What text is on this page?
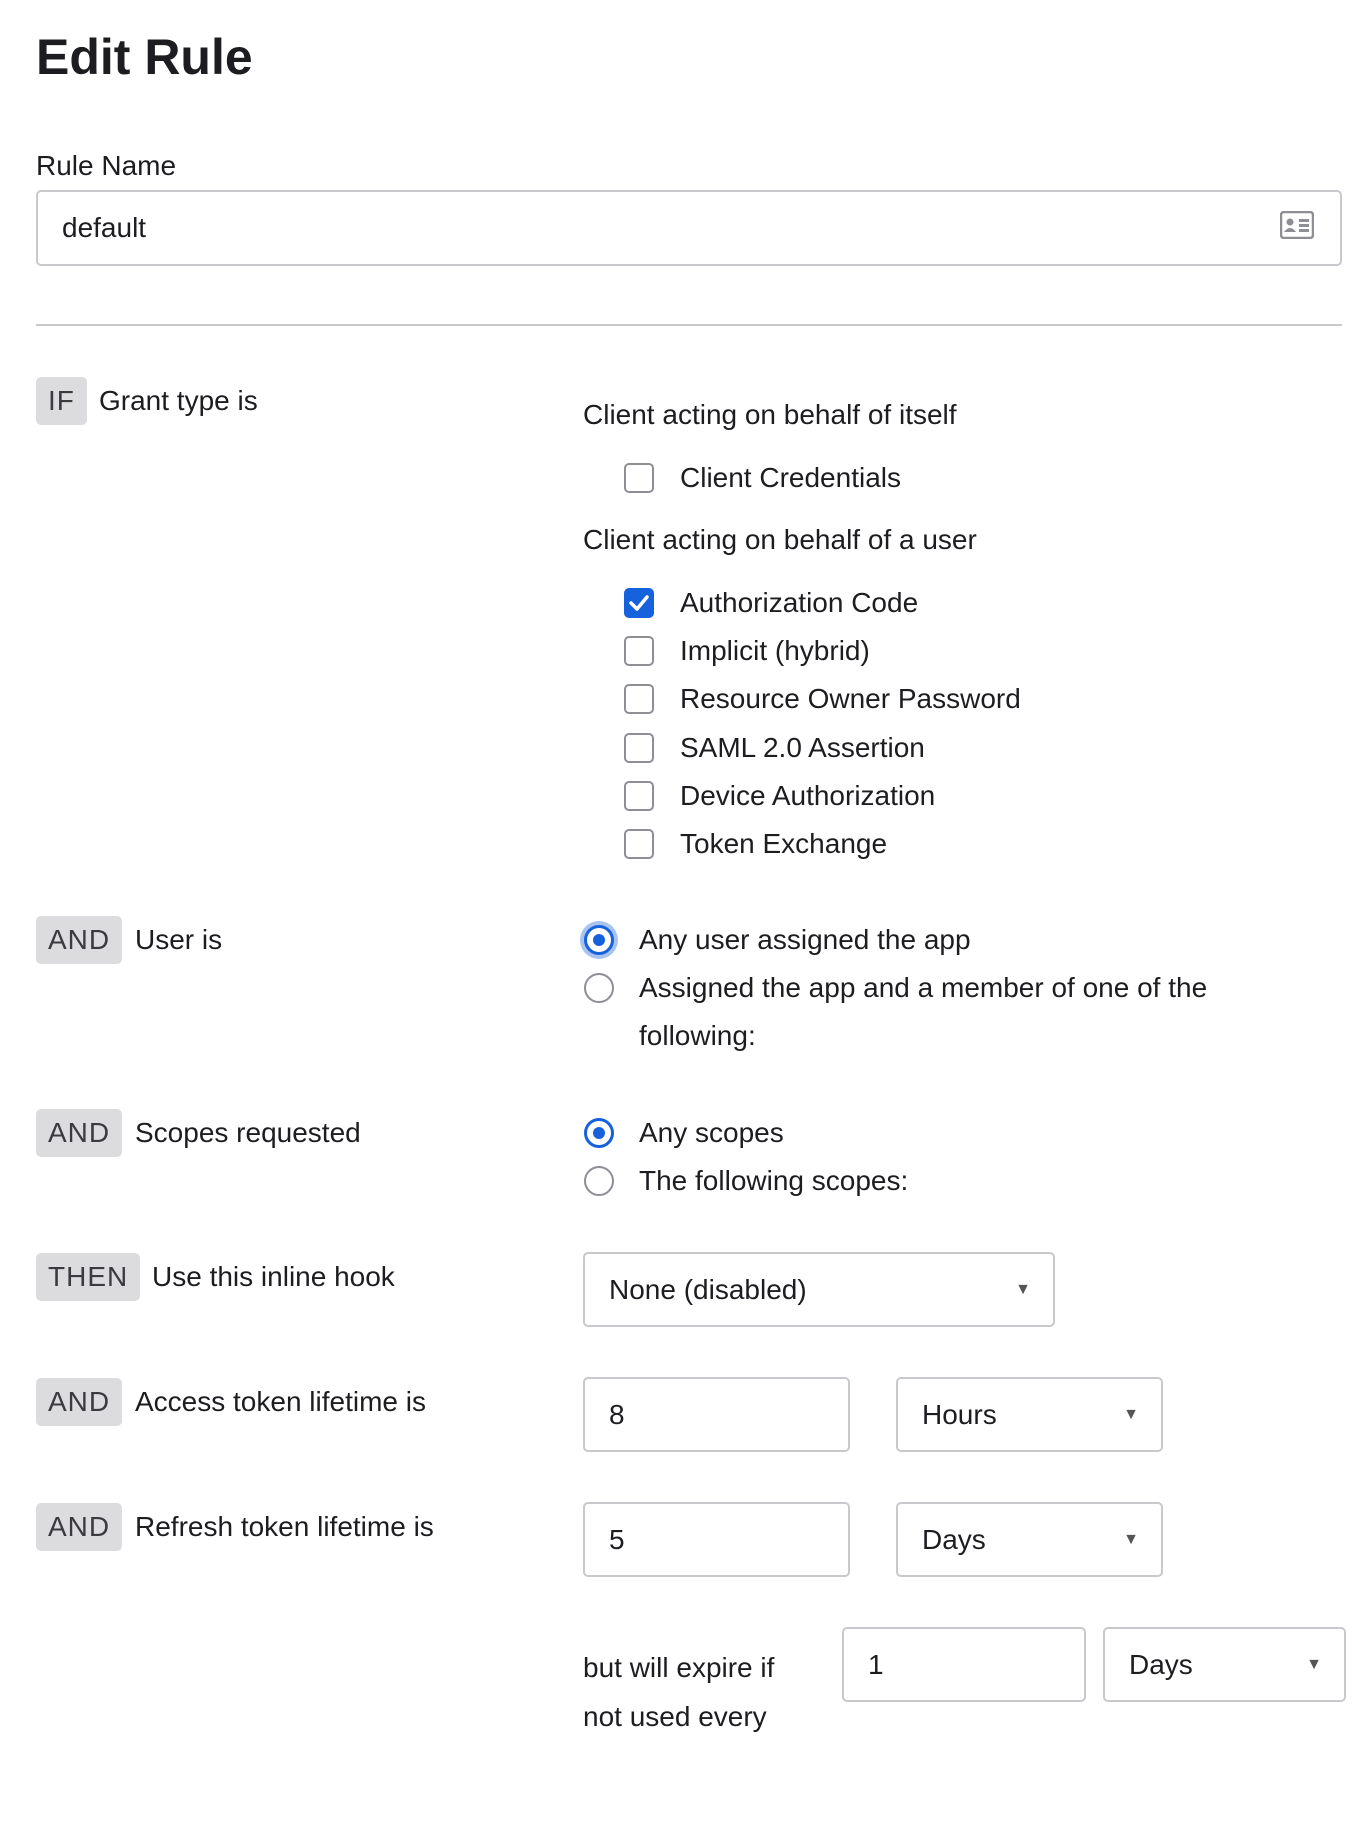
Edit Rule
Rule Name
default
IF Grant type is	Client acting on behalf of itself
Client Credentials
Client acting on behalf of a user
Authorization Code
Implicit (hybrid)
Resource Owner Password
SAML 2.0 Assertion
Device Authorization
Token Exchange
AND User is	Any user assigned the app
Assigned the app and a member of one of the
following:
AND Scopes requested	Any scopes
The following scopes:
THEN Use this inline hook	None (disabled)	▼
AND Access token lifetime is	8	Hours	▼
AND Refresh token lifetime is	5	Days	▼
but will expire if
not used every
1	Days	▼
